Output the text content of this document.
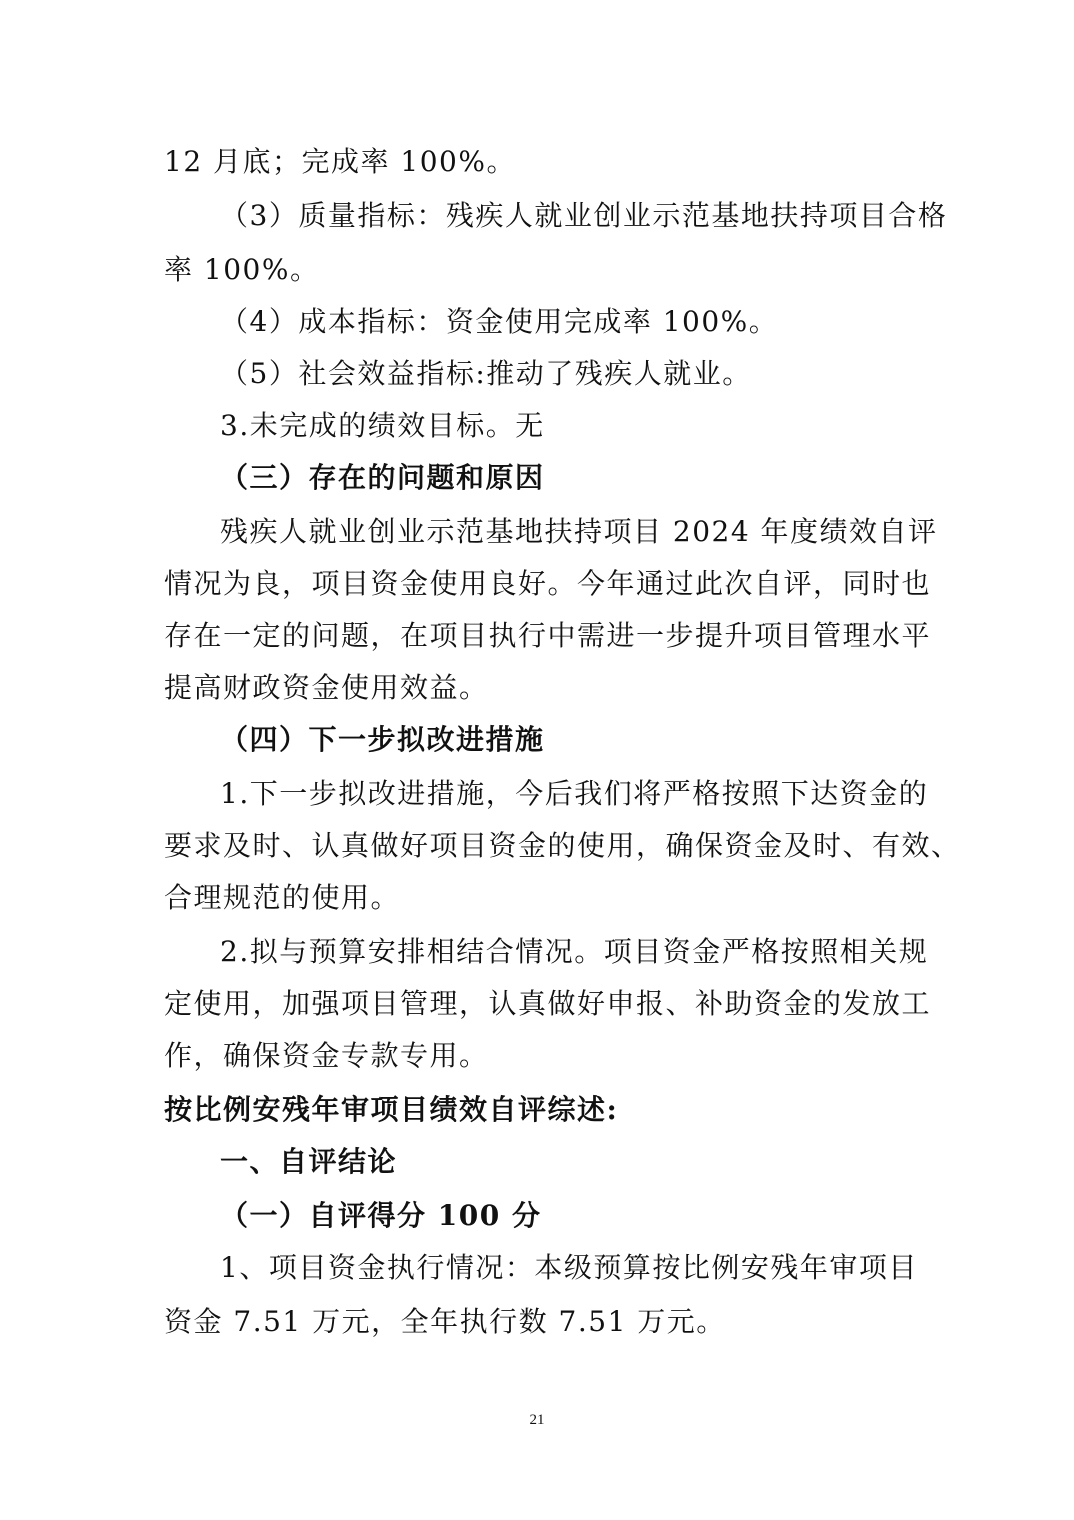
12 月底；完成率 100%。
（3）质量指标：残疾人就业创业示范基地扶持项目合格
率 100%。
（4）成本指标：资金使用完成率 100%。
（5）社会效益指标:推动了残疾人就业。
3.未完成的绩效目标。无
（三）存在的问题和原因
残疾人就业创业示范基地扶持项目 2024 年度绩效自评
情况为良，项目资金使用良好。今年通过此次自评，同时也
存在一定的问题，在项目执行中需进一步提升项目管理水平
提高财政资金使用效益。
（四）下一步拟改进措施
1.下一步拟改进措施，今后我们将严格按照下达资金的
要求及时、认真做好项目资金的使用，确保资金及时、有效、
合理规范的使用。
2.拟与预算安排相结合情况。项目资金严格按照相关规
定使用，加强项目管理，认真做好申报、补助资金的发放工
作，确保资金专款专用。
按比例安残年审项目绩效自评综述:
一、自评结论
（一）自评得分 100 分
1、项目资金执行情况：本级预算按比例安残年审项目
资金 7.51 万元，全年执行数 7.51 万元。
21
